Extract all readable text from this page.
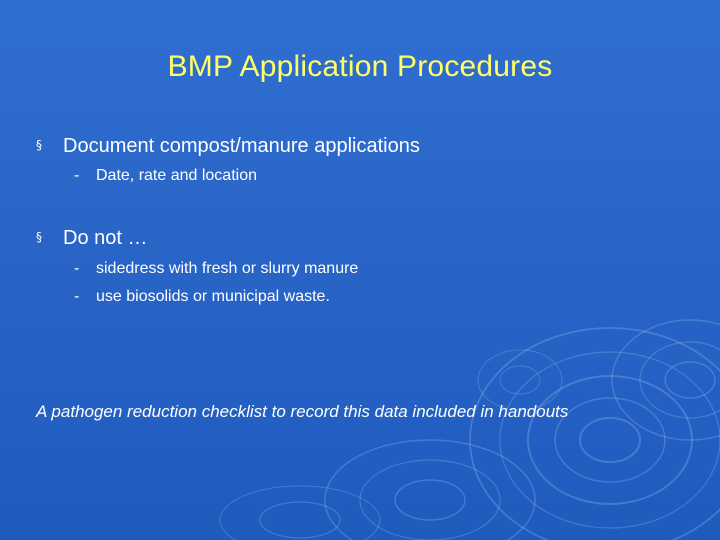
BMP Application Procedures
§ Document compost/manure applications
- Date, rate and location
§ Do not …
- sidedress with fresh or slurry manure
- use biosolids or municipal waste.
A pathogen reduction checklist to record this data included in handouts
